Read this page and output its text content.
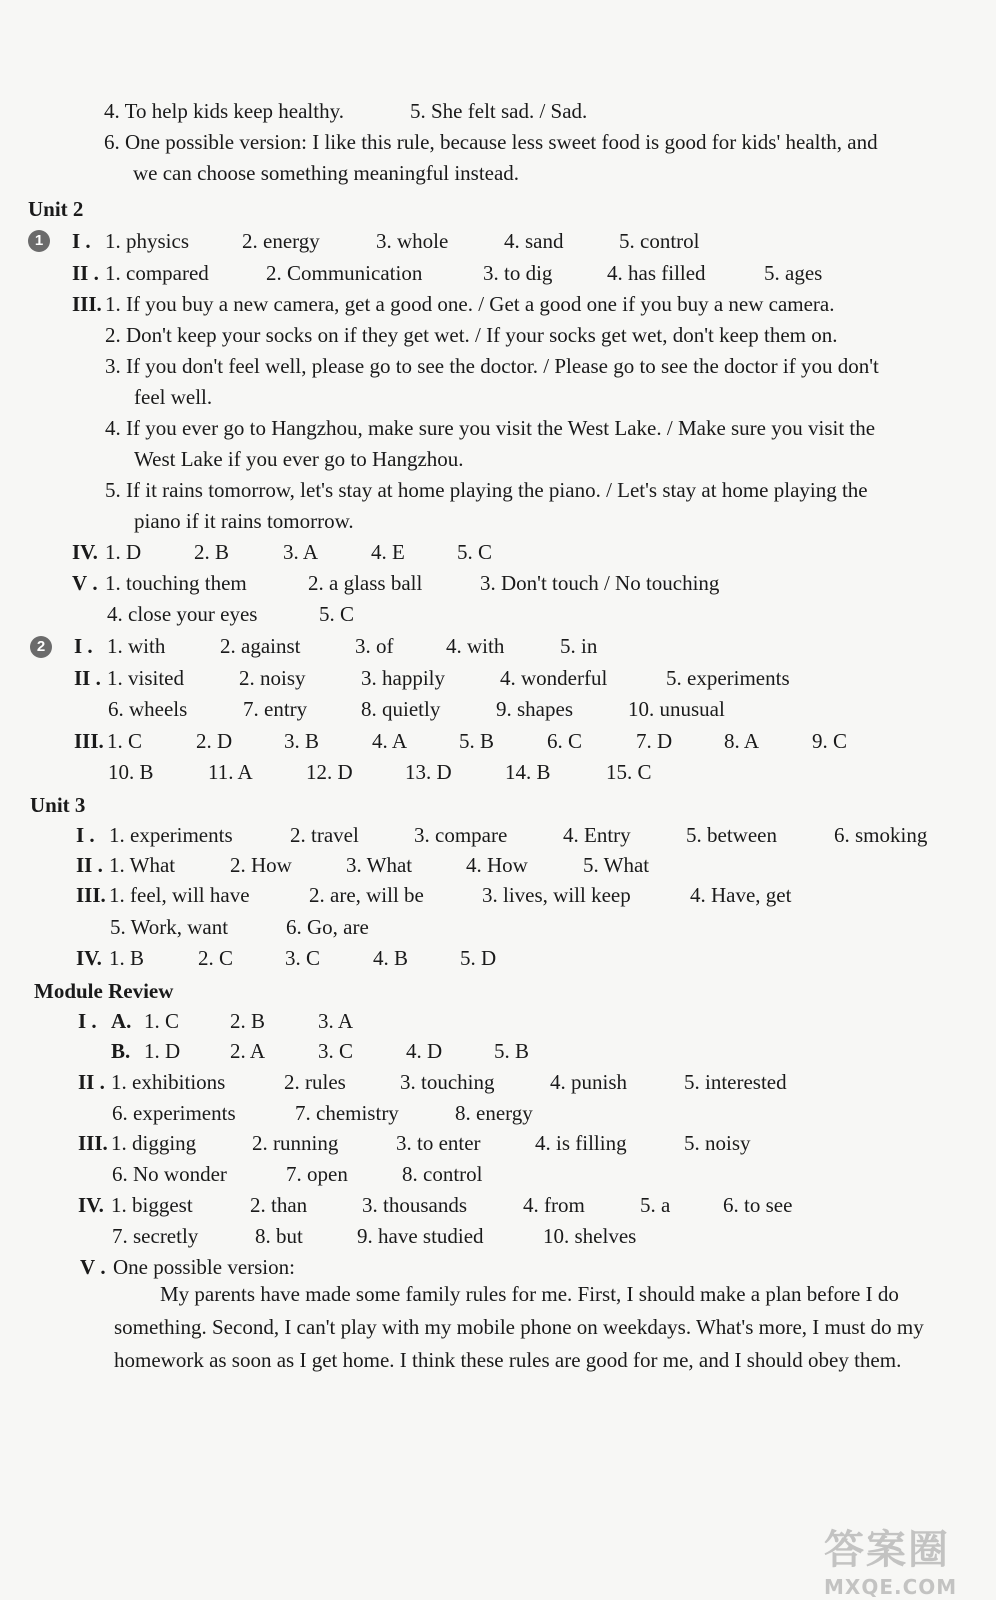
4. To help kids keep healthy.	5. She felt sad. / Sad.
6. One possible version: I like this rule, because less sweet food is good for kids' health, and
we can choose something meaningful instead.
Unit 2
1	I . 1. physics	2. energy	3. whole	4. sand	5. control
II . 1. compared	2. Communication	3. to dig	4. has filled	5. ages
III. 1. If you buy a new camera, get a good one. / Get a good one if you buy a new camera.
2. Don't keep your socks on if they get wet. / If your socks get wet, don't keep them on.
3. If you don't feel well, please go to see the doctor. / Please go to see the doctor if you don't
feel well.
4. If you ever go to Hangzhou, make sure you visit the West Lake. / Make sure you visit the
West Lake if you ever go to Hangzhou.
5. If it rains tomorrow, let's stay at home playing the piano. / Let's stay at home playing the
piano if it rains tomorrow.
IV. 1. D	2. B	3. A	4. E 5. C
V . 1. touching them	2. a glass ball	3. Don't touch / No touching
4. close your eyes	5. C
2	I . 1. with	2. against	3. of	4. with	5. in
II . 1. visited	2. noisy	3. happily	4. wonderful	5. experiments
6. wheels	7. entry	8. quietly	9. shapes	10. unusual
III. 1. C	2. D 3. B	4. A 5. B	6. C	7. D 8. A	9. C
10. B	11. A	12. D 13. D	14. B	15. C
Unit 3
I . 1. experiments	2. travel	3. compare	4. Entry	5. between	6. smoking
II . 1. What	2. How	3. What	4. How	5. What
III. 1. feel, will have	2. are, will be	3. lives, will keep	4. Have, get
5. Work, want	6. Go, are
IV. 1. B	2. C 3. C	4. B 5. D
Module Review
I . A. 1. C 2. B	3. A
B. 1. D 2. A	3. C	4. D 5. B
II . 1. exhibitions	2. rules	3. touching	4. punish	5. interested
6. experiments	7. chemistry	8. energy
III. 1. digging	2. running	3. to enter	4. is filling	5. noisy
6. No wonder	7. open	8. control
IV. 1. biggest	2. than	3. thousands	4. from	5. a	6. to see
7. secretly	8. but	9. have studied	10. shelves
V . One possible version:
My parents have made some family rules for me. First, I should make a plan before I do something. Second, I can't play with my mobile phone on weekdays. What's more, I must do my homework as soon as I get home. I think these rules are good for me, and I should obey them.
答案圈
MXQE.COM
